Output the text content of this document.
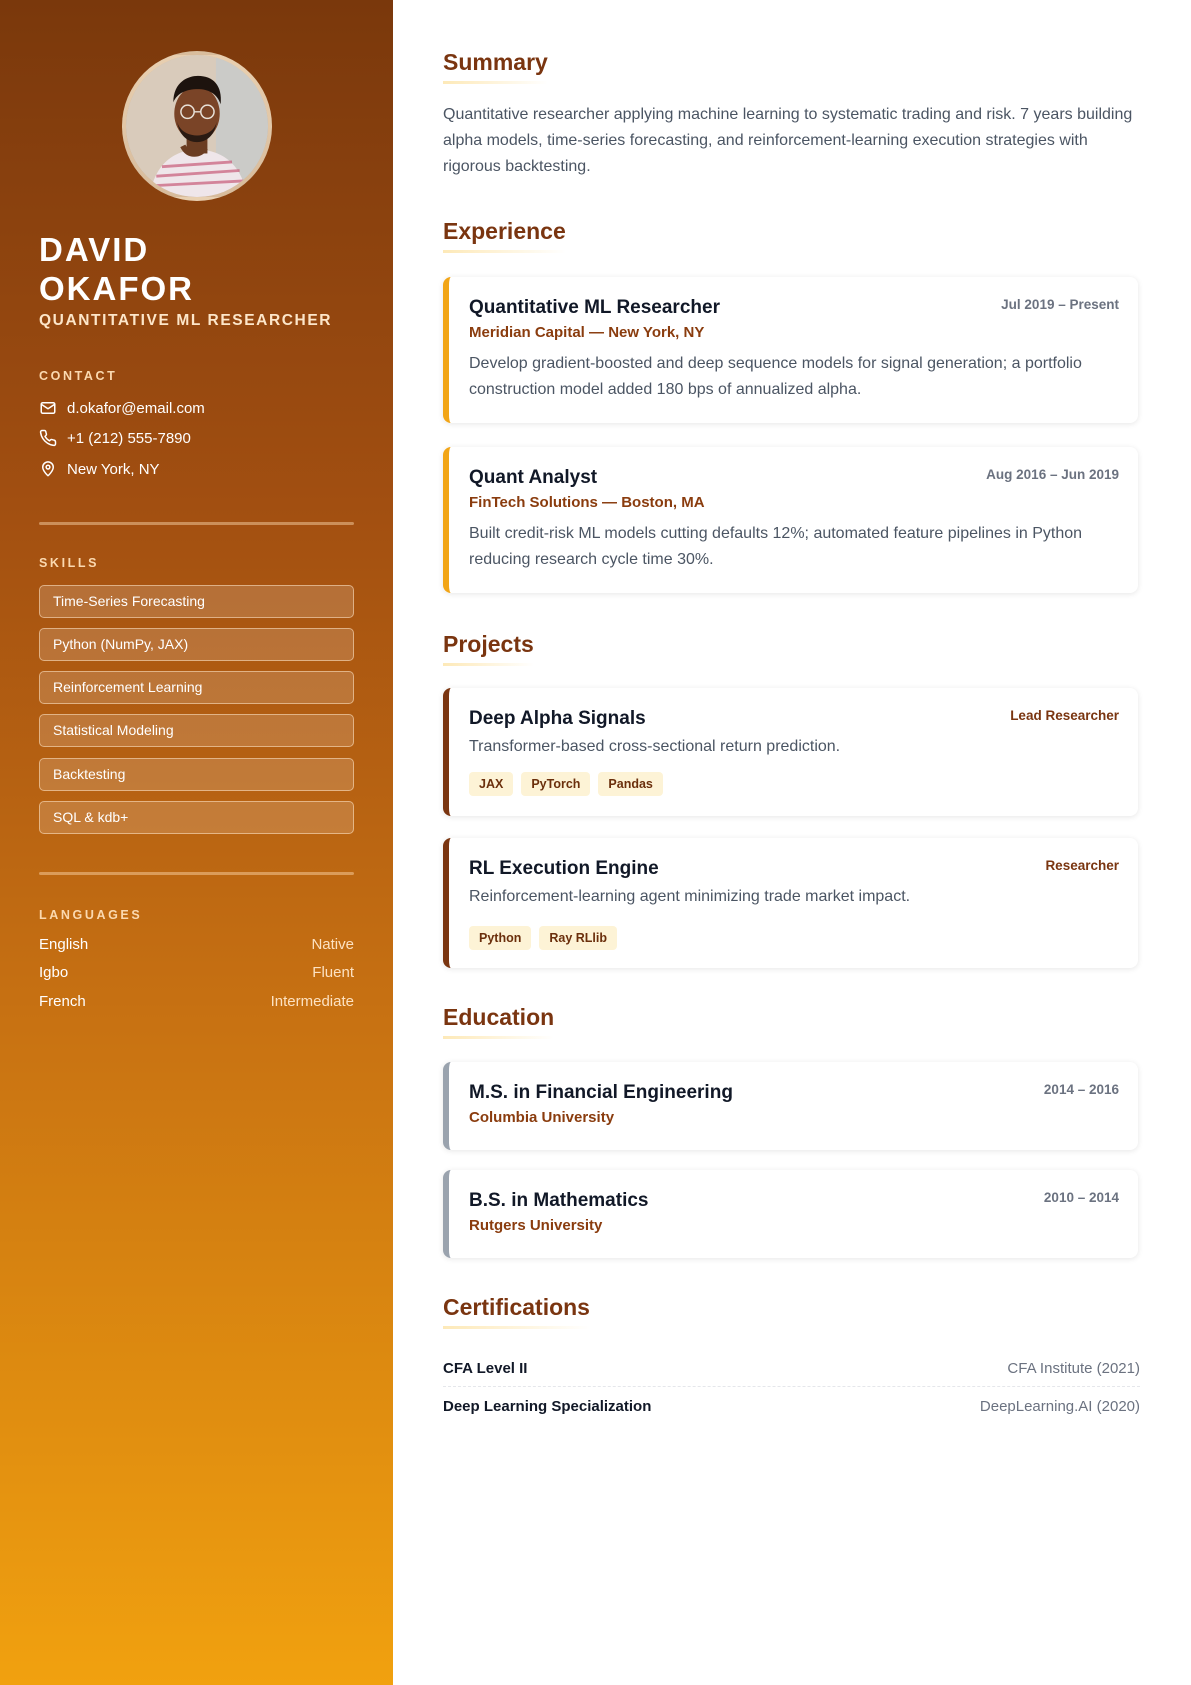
DAVID
OKAFOR
QUANTITATIVE ML RESEARCHER
CONTACT
d.okafor@email.com
+1 (212) 555-7890
New York, NY
SKILLS
Time-Series Forecasting
Python (NumPy, JAX)
Reinforcement Learning
Statistical Modeling
Backtesting
SQL & kdb+
LANGUAGES
English	Native
Igbo	Fluent
French	Intermediate
Summary

Quantitative researcher applying machine learning to systematic trading and risk. 7 years building alpha models, time-series forecasting, and reinforcement-learning execution strategies with rigorous backtesting.

Experience
Quantitative ML Researcher	Jul 2019 – Present
Meridian Capital — New York, NY
Develop gradient-boosted and deep sequence models for signal generation; a portfolio construction model added 180 bps of annualized alpha.
Quant Analyst	Aug 2016 – Jun 2019
FinTech Solutions — Boston, MA
Built credit-risk ML models cutting defaults 12%; automated feature pipelines in Python reducing research cycle time 30%.
Projects
Deep Alpha Signals	Lead Researcher
Transformer-based cross-sectional return prediction.
JAX	PyTorch	Pandas
RL Execution Engine	Researcher
Reinforcement-learning agent minimizing trade market impact.
Python	Ray RLlib
Education
M.S. in Financial Engineering	2014 – 2016
Columbia University
B.S. in Mathematics	2010 – 2014
Rutgers University
Certifications
CFA Level II	CFA Institute (2021)
Deep Learning Specialization	DeepLearning.AI (2020)
